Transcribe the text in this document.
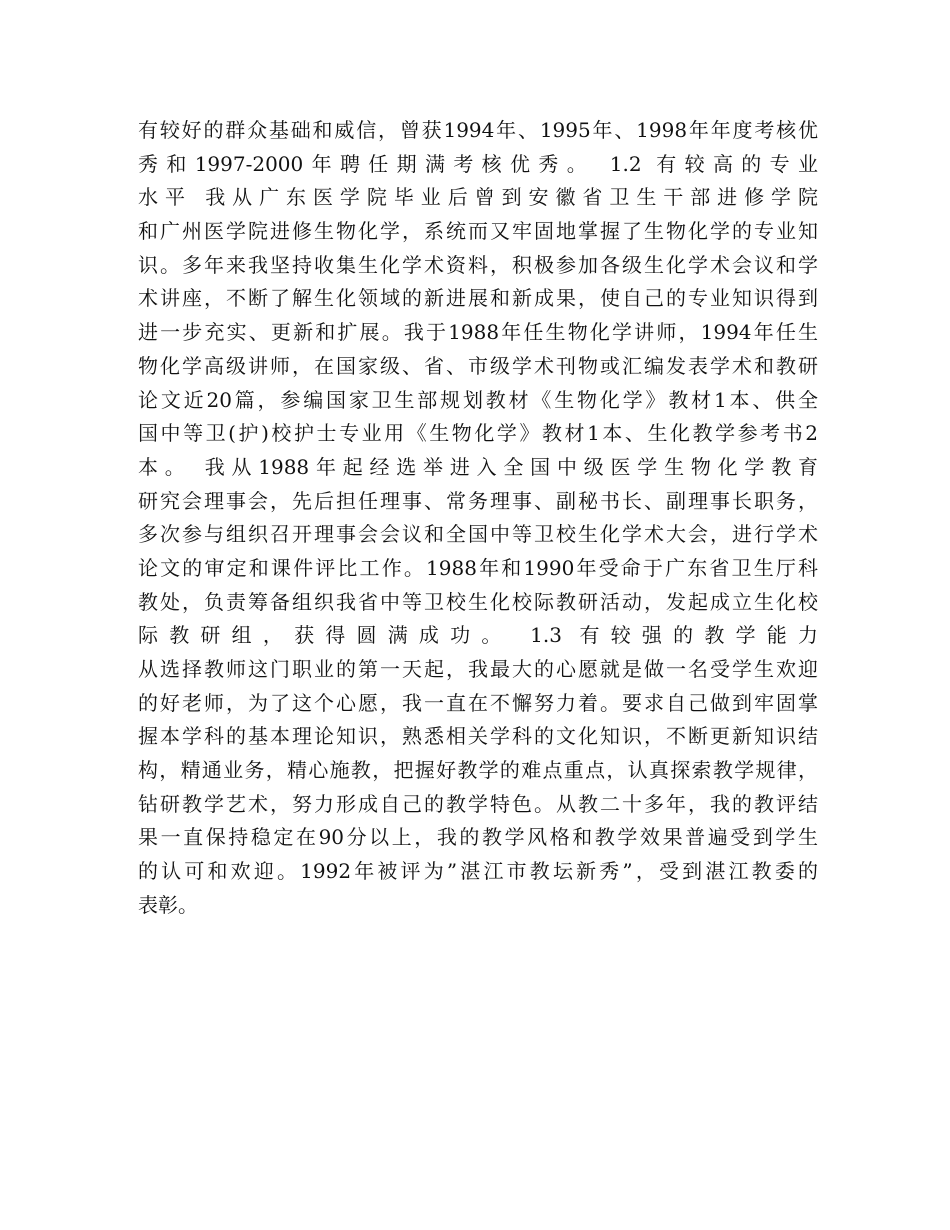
有较好的群众基础和威信，曾获1994年、1995年、1998年年度考核优
秀和1997-2000年聘任期满考核优秀。 1.2 有较高的专业
水平 我从广东医学院毕业后曾到安徽省卫生干部进修学院
和广州医学院进修生物化学，系统而又牢固地掌握了生物化学的专业知
识。多年来我坚持收集生化学术资料，积极参加各级生化学术会议和学
术讲座，不断了解生化领域的新进展和新成果，使自己的专业知识得到
进一步充实、更新和扩展。我于1988年任生物化学讲师，1994年任生
物化学高级讲师，在国家级、省、市级学术刊物或汇编发表学术和教研
论文近20篇，参编国家卫生部规划教材《生物化学》教材1本、供全
国中等卫(护)校护士专业用《生物化学》教材1本、生化教学参考书2
本。 我从1988年起经选举进入全国中级医学生物化学教育
研究会理事会，先后担任理事、常务理事、副秘书长、副理事长职务，
多次参与组织召开理事会会议和全国中等卫校生化学术大会，进行学术
论文的审定和课件评比工作。1988年和1990年受命于广东省卫生厅科
教处，负责筹备组织我省中等卫校生化校际教研活动，发起成立生化校
际教研组，获得圆满成功。 1.3 有较强的教学能力
从选择教师这门职业的第一天起，我最大的心愿就是做一名受学生欢迎
的好老师，为了这个心愿，我一直在不懈努力着。要求自己做到牢固掌
握本学科的基本理论知识，熟悉相关学科的文化知识，不断更新知识结
构，精通业务，精心施教，把握好教学的难点重点，认真探索教学规律，
钻研教学艺术，努力形成自己的教学特色。从教二十多年，我的教评结
果一直保持稳定在90分以上，我的教学风格和教学效果普遍受到学生
的认可和欢迎。1992年被评为”湛江市教坛新秀”，受到湛江教委的
表彰。
